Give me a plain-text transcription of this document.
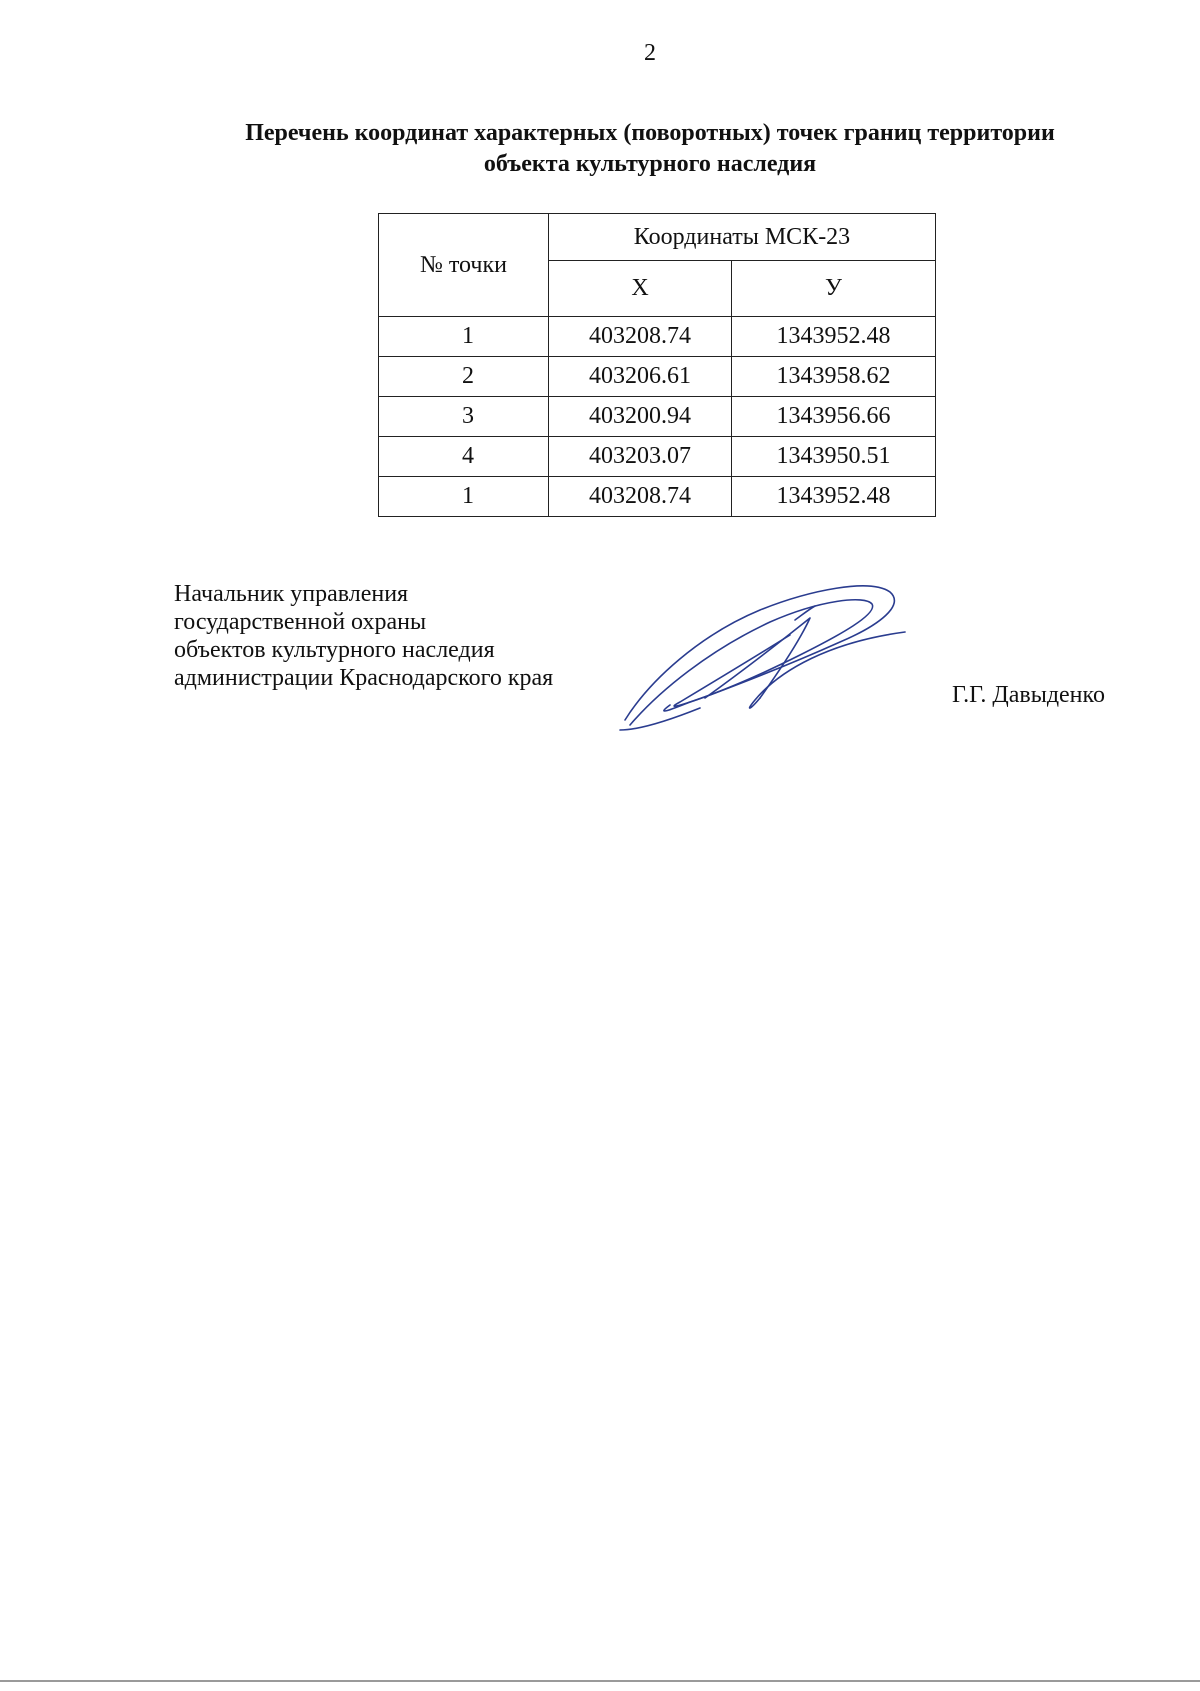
2
Перечень координат характерных (поворотных) точек границ территории
объекта культурного наследия
№ точки	Координаты МСК-23	
	Х	У
1	403208.74	1343952.48
2	403206.61	1343958.62
3	403200.94	1343956.66
4	403203.07	1343950.51
1	403208.74	1343952.48
Начальник управления
государственной охраны
объектов культурного наследия
администрации Краснодарского края
Г.Г. Давыденко
